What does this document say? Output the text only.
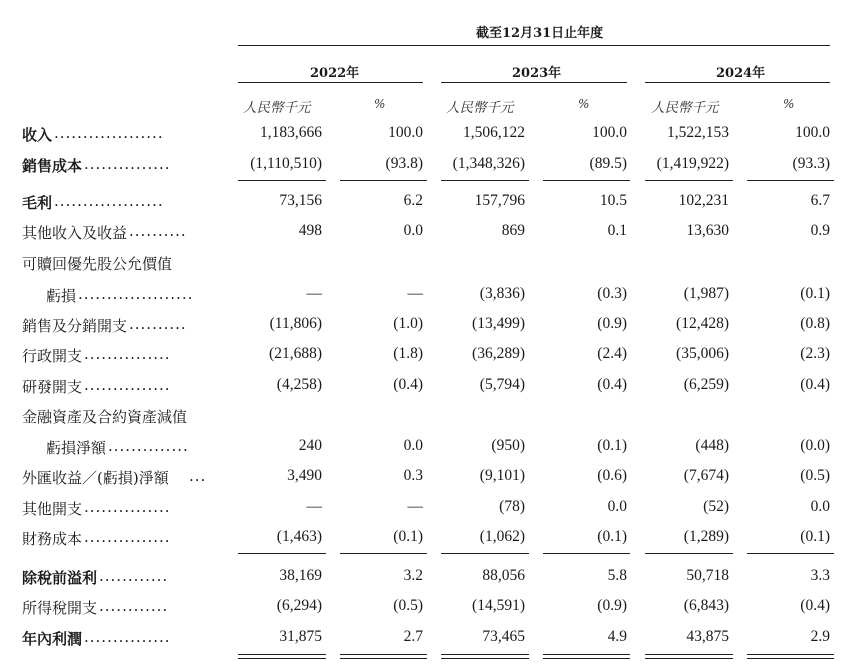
截至12月31日止年度
2022年	2023年	2024年
人民幣千元	人民幣千元	人民幣千元
%	%	%
收入 ...................	1,183,666	100.0	1,506,122	100.0	1,522,153	100.0
銷售成本 ...............	(1,110,510)	(93.8) (1,348,326)	(89.5) (1,419,922)	(93.3)
毛利 ...................	73,156	6.2	157,796	10.5	102,231	6.7
其他收入及收益 ..........	498	0.0	869	0.1	13,630	0.9
可贖回優先股公允價值
虧損 ....................	—	—	(3,836)	(0.3)	(1,987)	(0.1)
銷售及分銷開支 ..........	(11,806)	(1.0)	(13,499)	(0.9)	(12,428)	(0.8)
行政開支 ...............	(21,688)	(1.8)	(36,289)	(2.4)	(35,006)	(2.3)
研發開支 ...............	(4,258)	(0.4)	(5,794)	(0.4)	(6,259)	(0.4)
金融資產及合約資產減值
虧損淨額 ..............	240	0.0	(950)	(0.1)	(448)	(0.0)
外匯收益／(虧損)淨額 ...	3,490	0.3	(9,101)	(0.6)	(7,674)	(0.5)
其他開支 ...............	—	—	(78)	0.0	(52)	0.0
財務成本 ...............	(1,463)	(0.1)	(1,062)	(0.1)	(1,289)	(0.1)
除稅前溢利 ............	38,169	3.2	88,056	5.8	50,718	3.3
所得稅開支 ............	(6,294)	(0.5)	(14,591)	(0.9)	(6,843)	(0.4)
年內利潤 ...............	31,875	2.7	73,465	4.9	43,875	2.9
